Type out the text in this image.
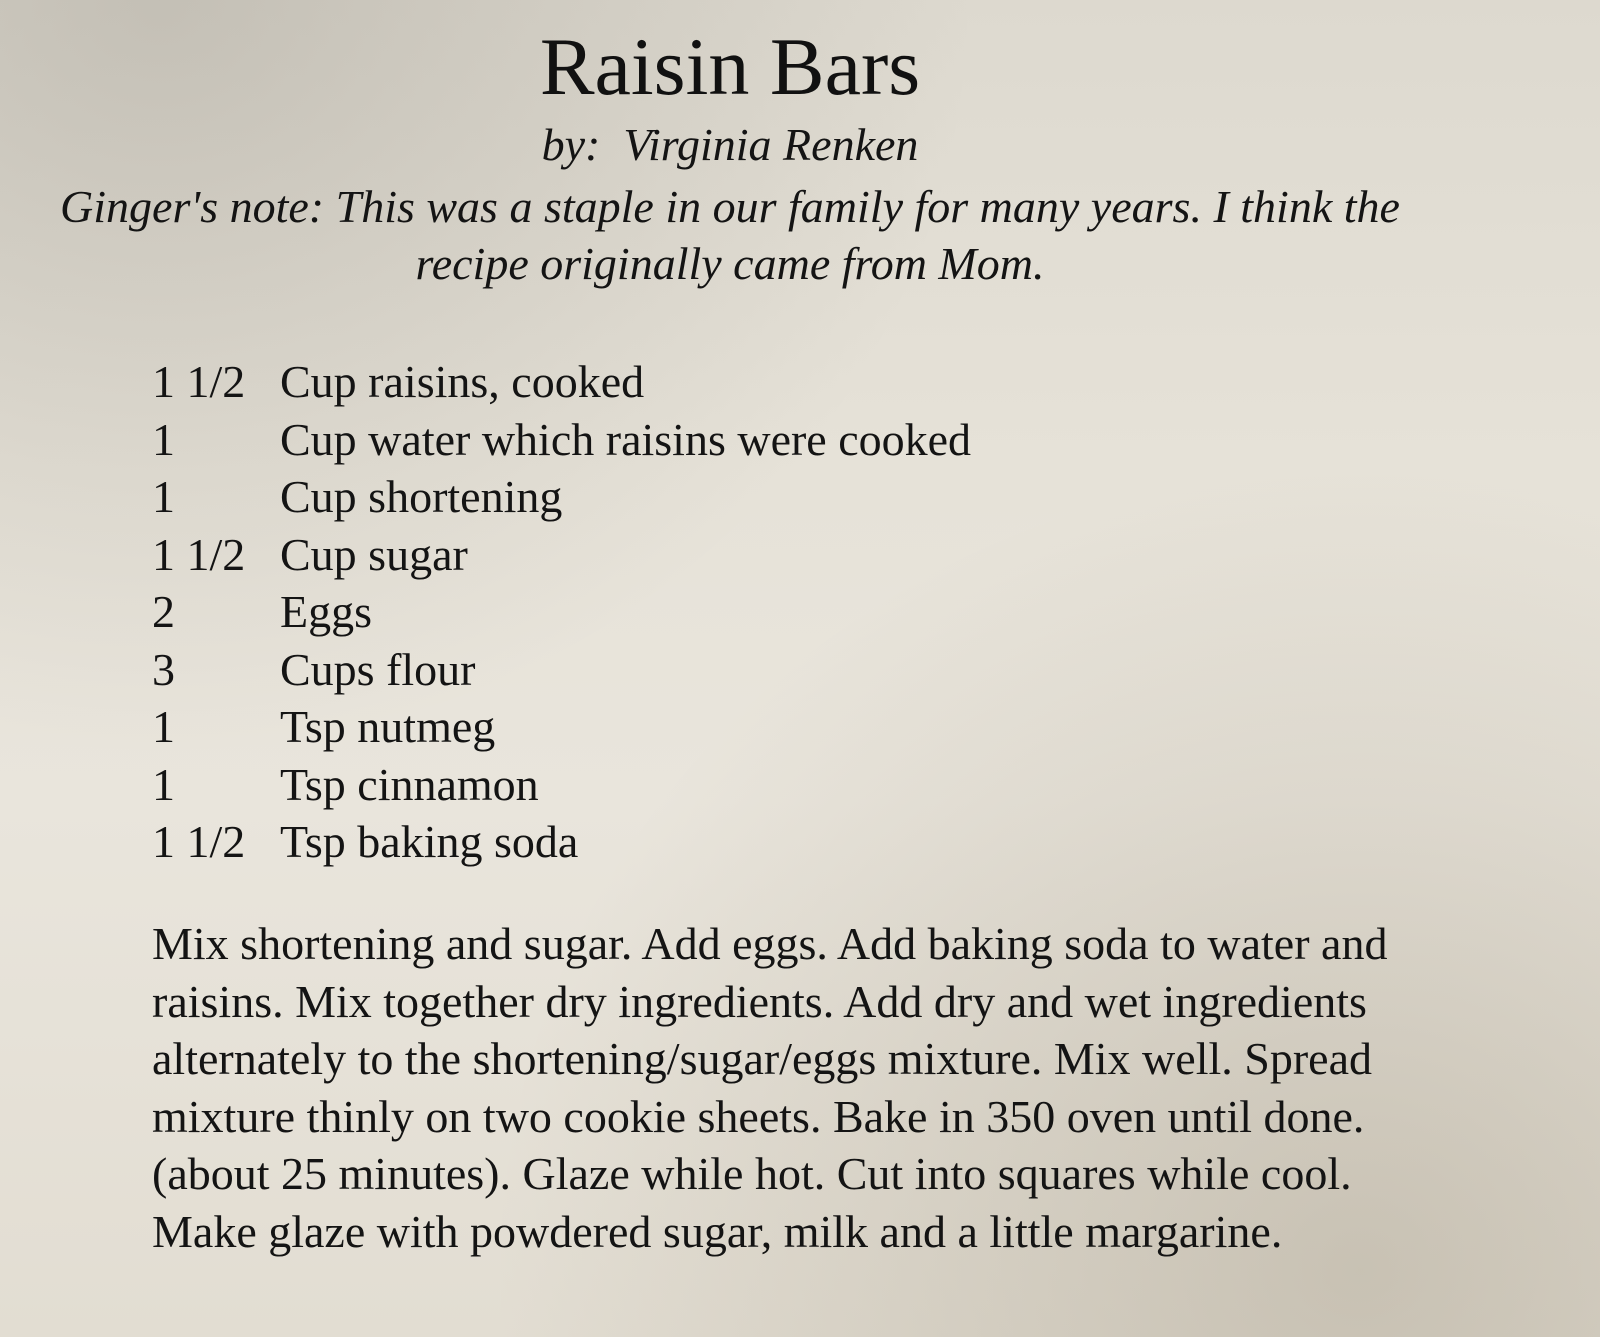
Raisin Bars

by:  Virginia Renken

Ginger's note: This was a staple in our family for many years. I think the
recipe originally came from Mom.

1 1/2 Cup raisins, cooked
1	Cup water which raisins were cooked
1	Cup shortening
1 1/2 Cup sugar
2	Eggs
3	Cups flour
1	Tsp nutmeg
1	Tsp cinnamon
1 1/2 Tsp baking soda

Mix shortening and sugar. Add eggs. Add baking soda to water and
raisins. Mix together dry ingredients. Add dry and wet ingredients
alternately to the shortening/sugar/eggs mixture. Mix well. Spread
mixture thinly on two cookie sheets. Bake in 350 oven until done.
(about 25 minutes). Glaze while hot. Cut into squares while cool.
Make glaze with powdered sugar, milk and a little margarine.
